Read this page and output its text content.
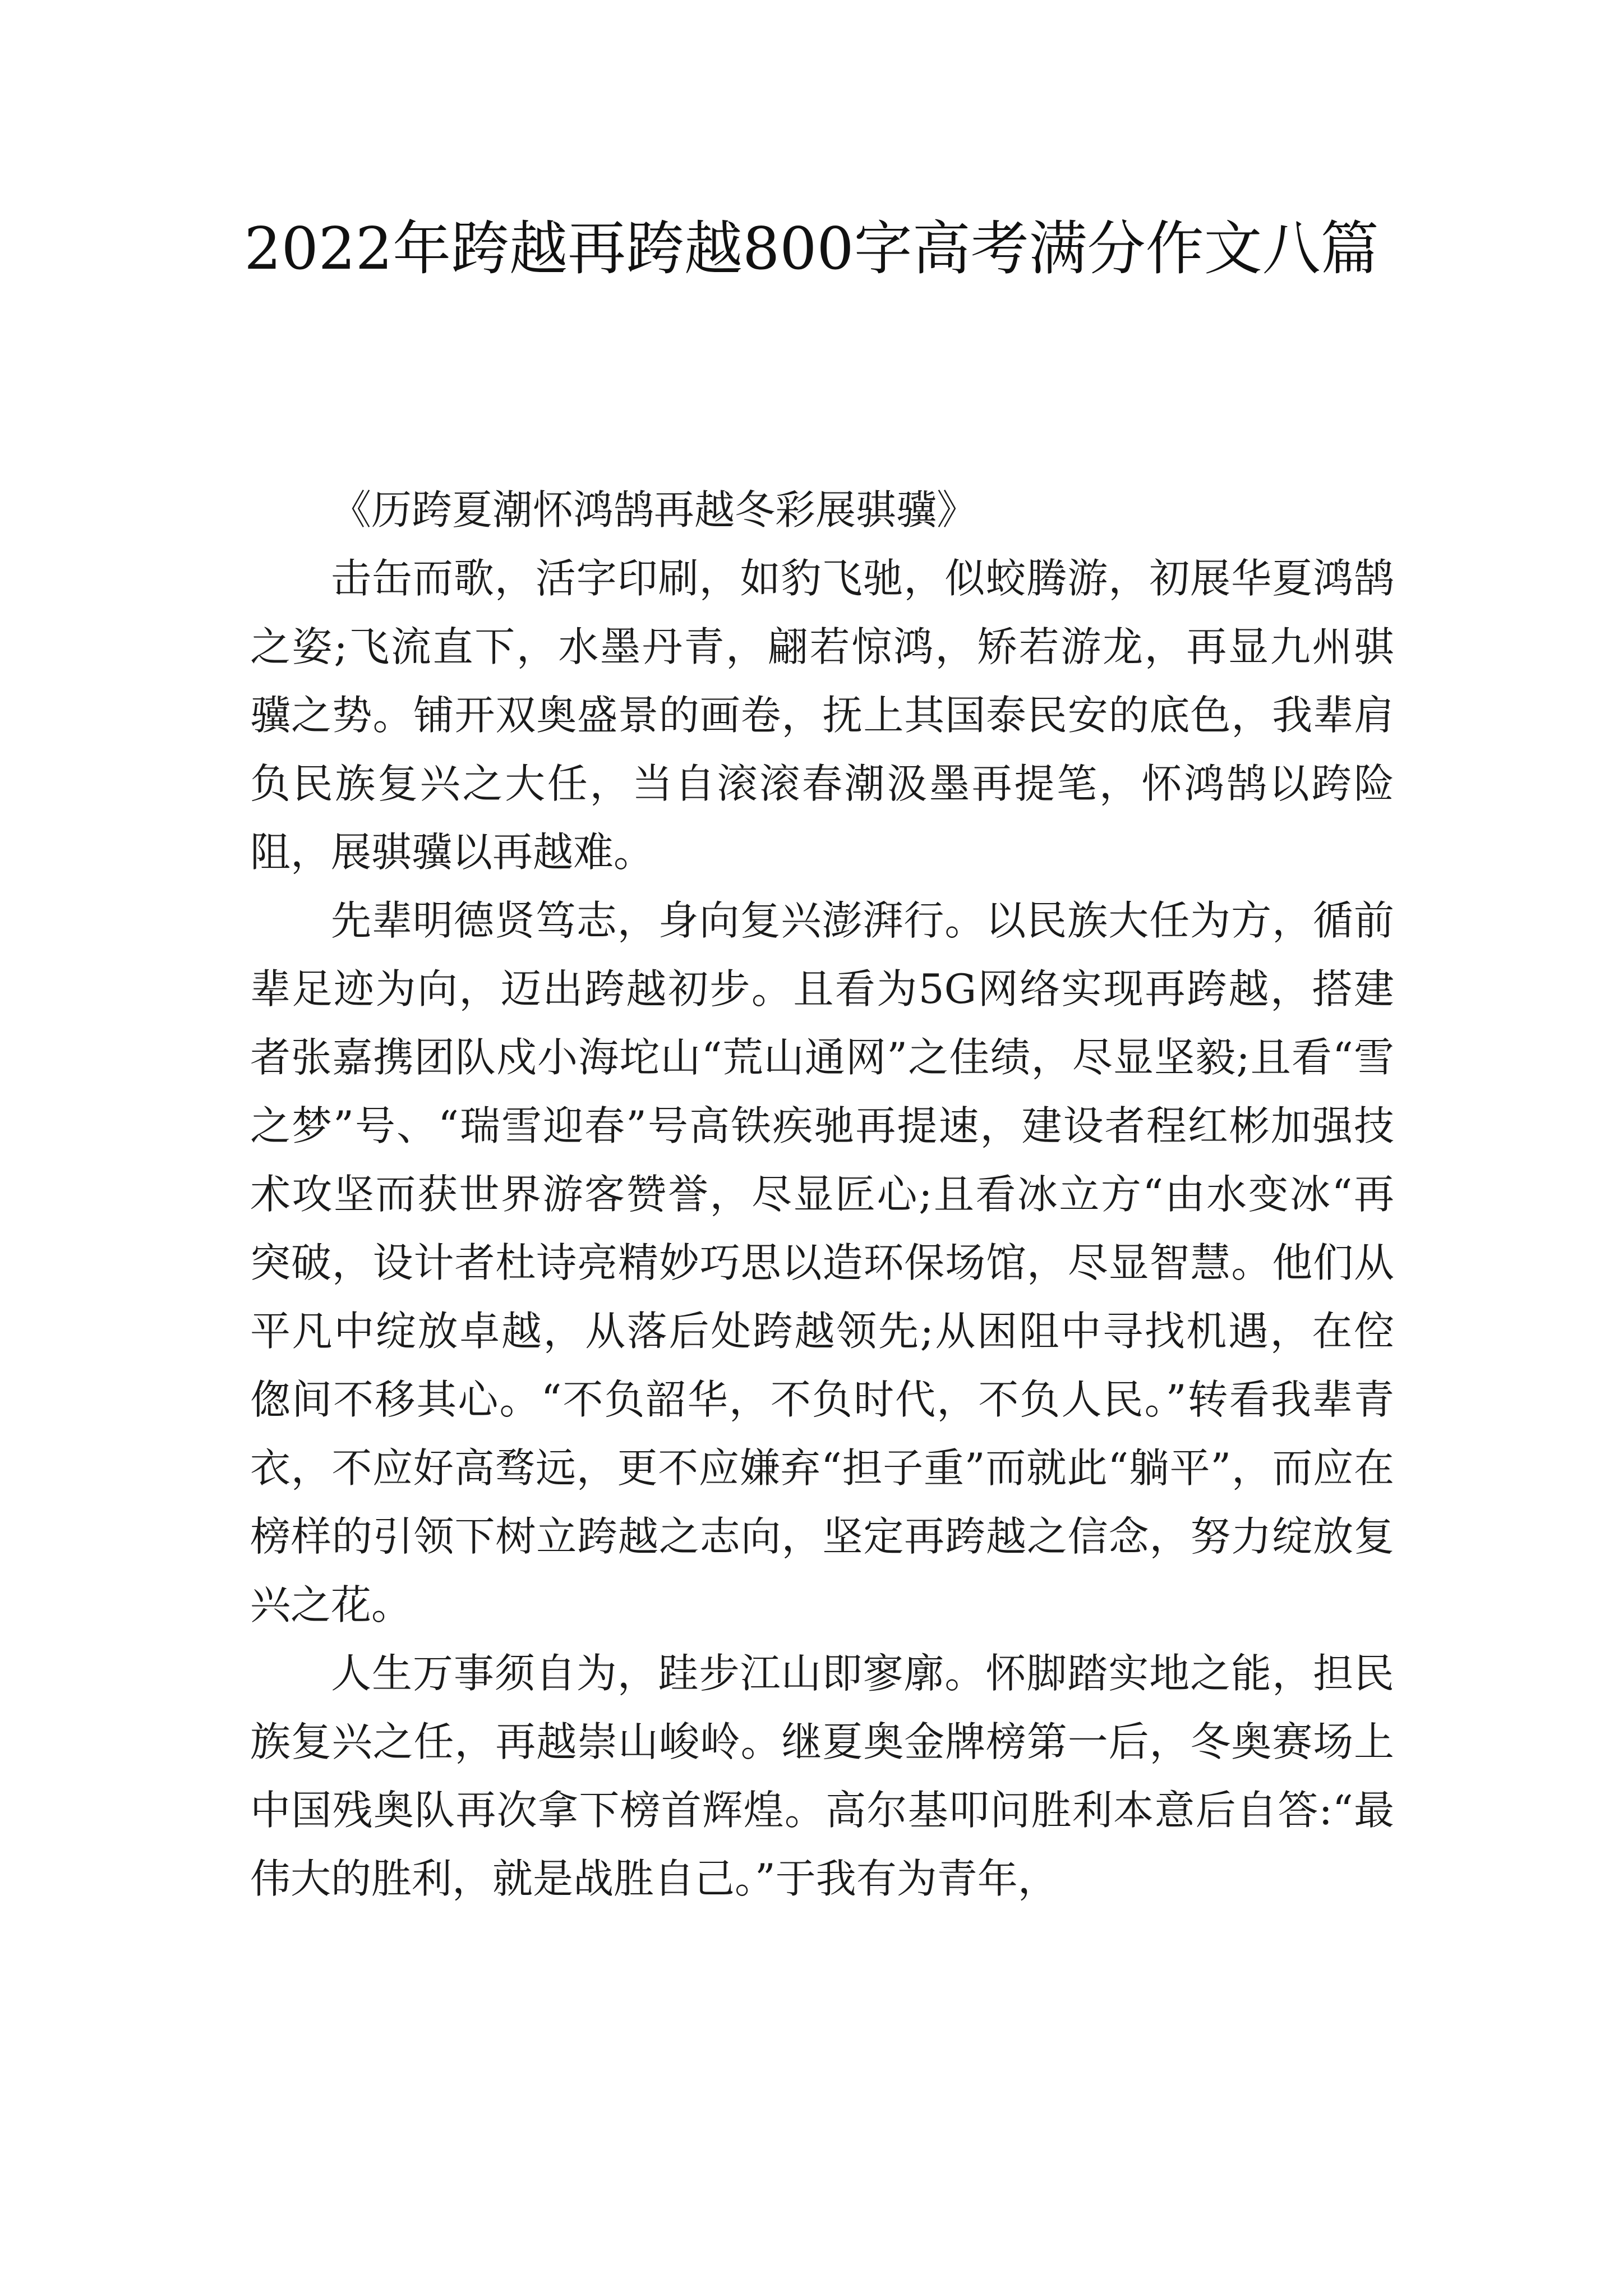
2022年跨越再跨越800字高考满分作文八篇

《历跨夏潮怀鸿鹄再越冬彩展骐骥》

击缶而歌，活字印刷，如豹飞驰，似蛟腾游，初展华夏鸿鹄之姿;飞流直下，水墨丹青，翩若惊鸿，矫若游龙，再显九州骐骥之势。铺开双奥盛景的画卷，抚上其国泰民安的底色，我辈肩负民族复兴之大任，当自滚滚春潮汲墨再提笔，怀鸿鹄以跨险阻，展骐骥以再越难。

先辈明德贤笃志，身向复兴澎湃行。以民族大任为方，循前辈足迹为向，迈出跨越初步。且看为5G网络实现再跨越，搭建者张嘉携团队戍小海坨山“荒山通网”之佳绩，尽显坚毅;且看“雪之梦”号、“瑞雪迎春”号高铁疾驰再提速，建设者程红彬加强技术攻坚而获世界游客赞誉，尽显匠心;且看冰立方“由水变冰“再突破，设计者杜诗亮精妙巧思以造环保场馆，尽显智慧。他们从平凡中绽放卓越，从落后处跨越领先;从困阻中寻找机遇，在倥偬间不移其心。“不负韶华，不负时代，不负人民。”转看我辈青衣，不应好高骛远，更不应嫌弃“担子重”而就此“躺平”，而应在榜样的引领下树立跨越之志向，坚定再跨越之信念，努力绽放复兴之花。

人生万事须自为，跬步江山即寥廓。怀脚踏实地之能，担民族复兴之任，再越崇山峻岭。继夏奥金牌榜第一后，冬奥赛场上中国残奥队再次拿下榜首辉煌。高尔基叩问胜利本意后自答:“最伟大的胜利，就是战胜自己。”于我有为青年，
